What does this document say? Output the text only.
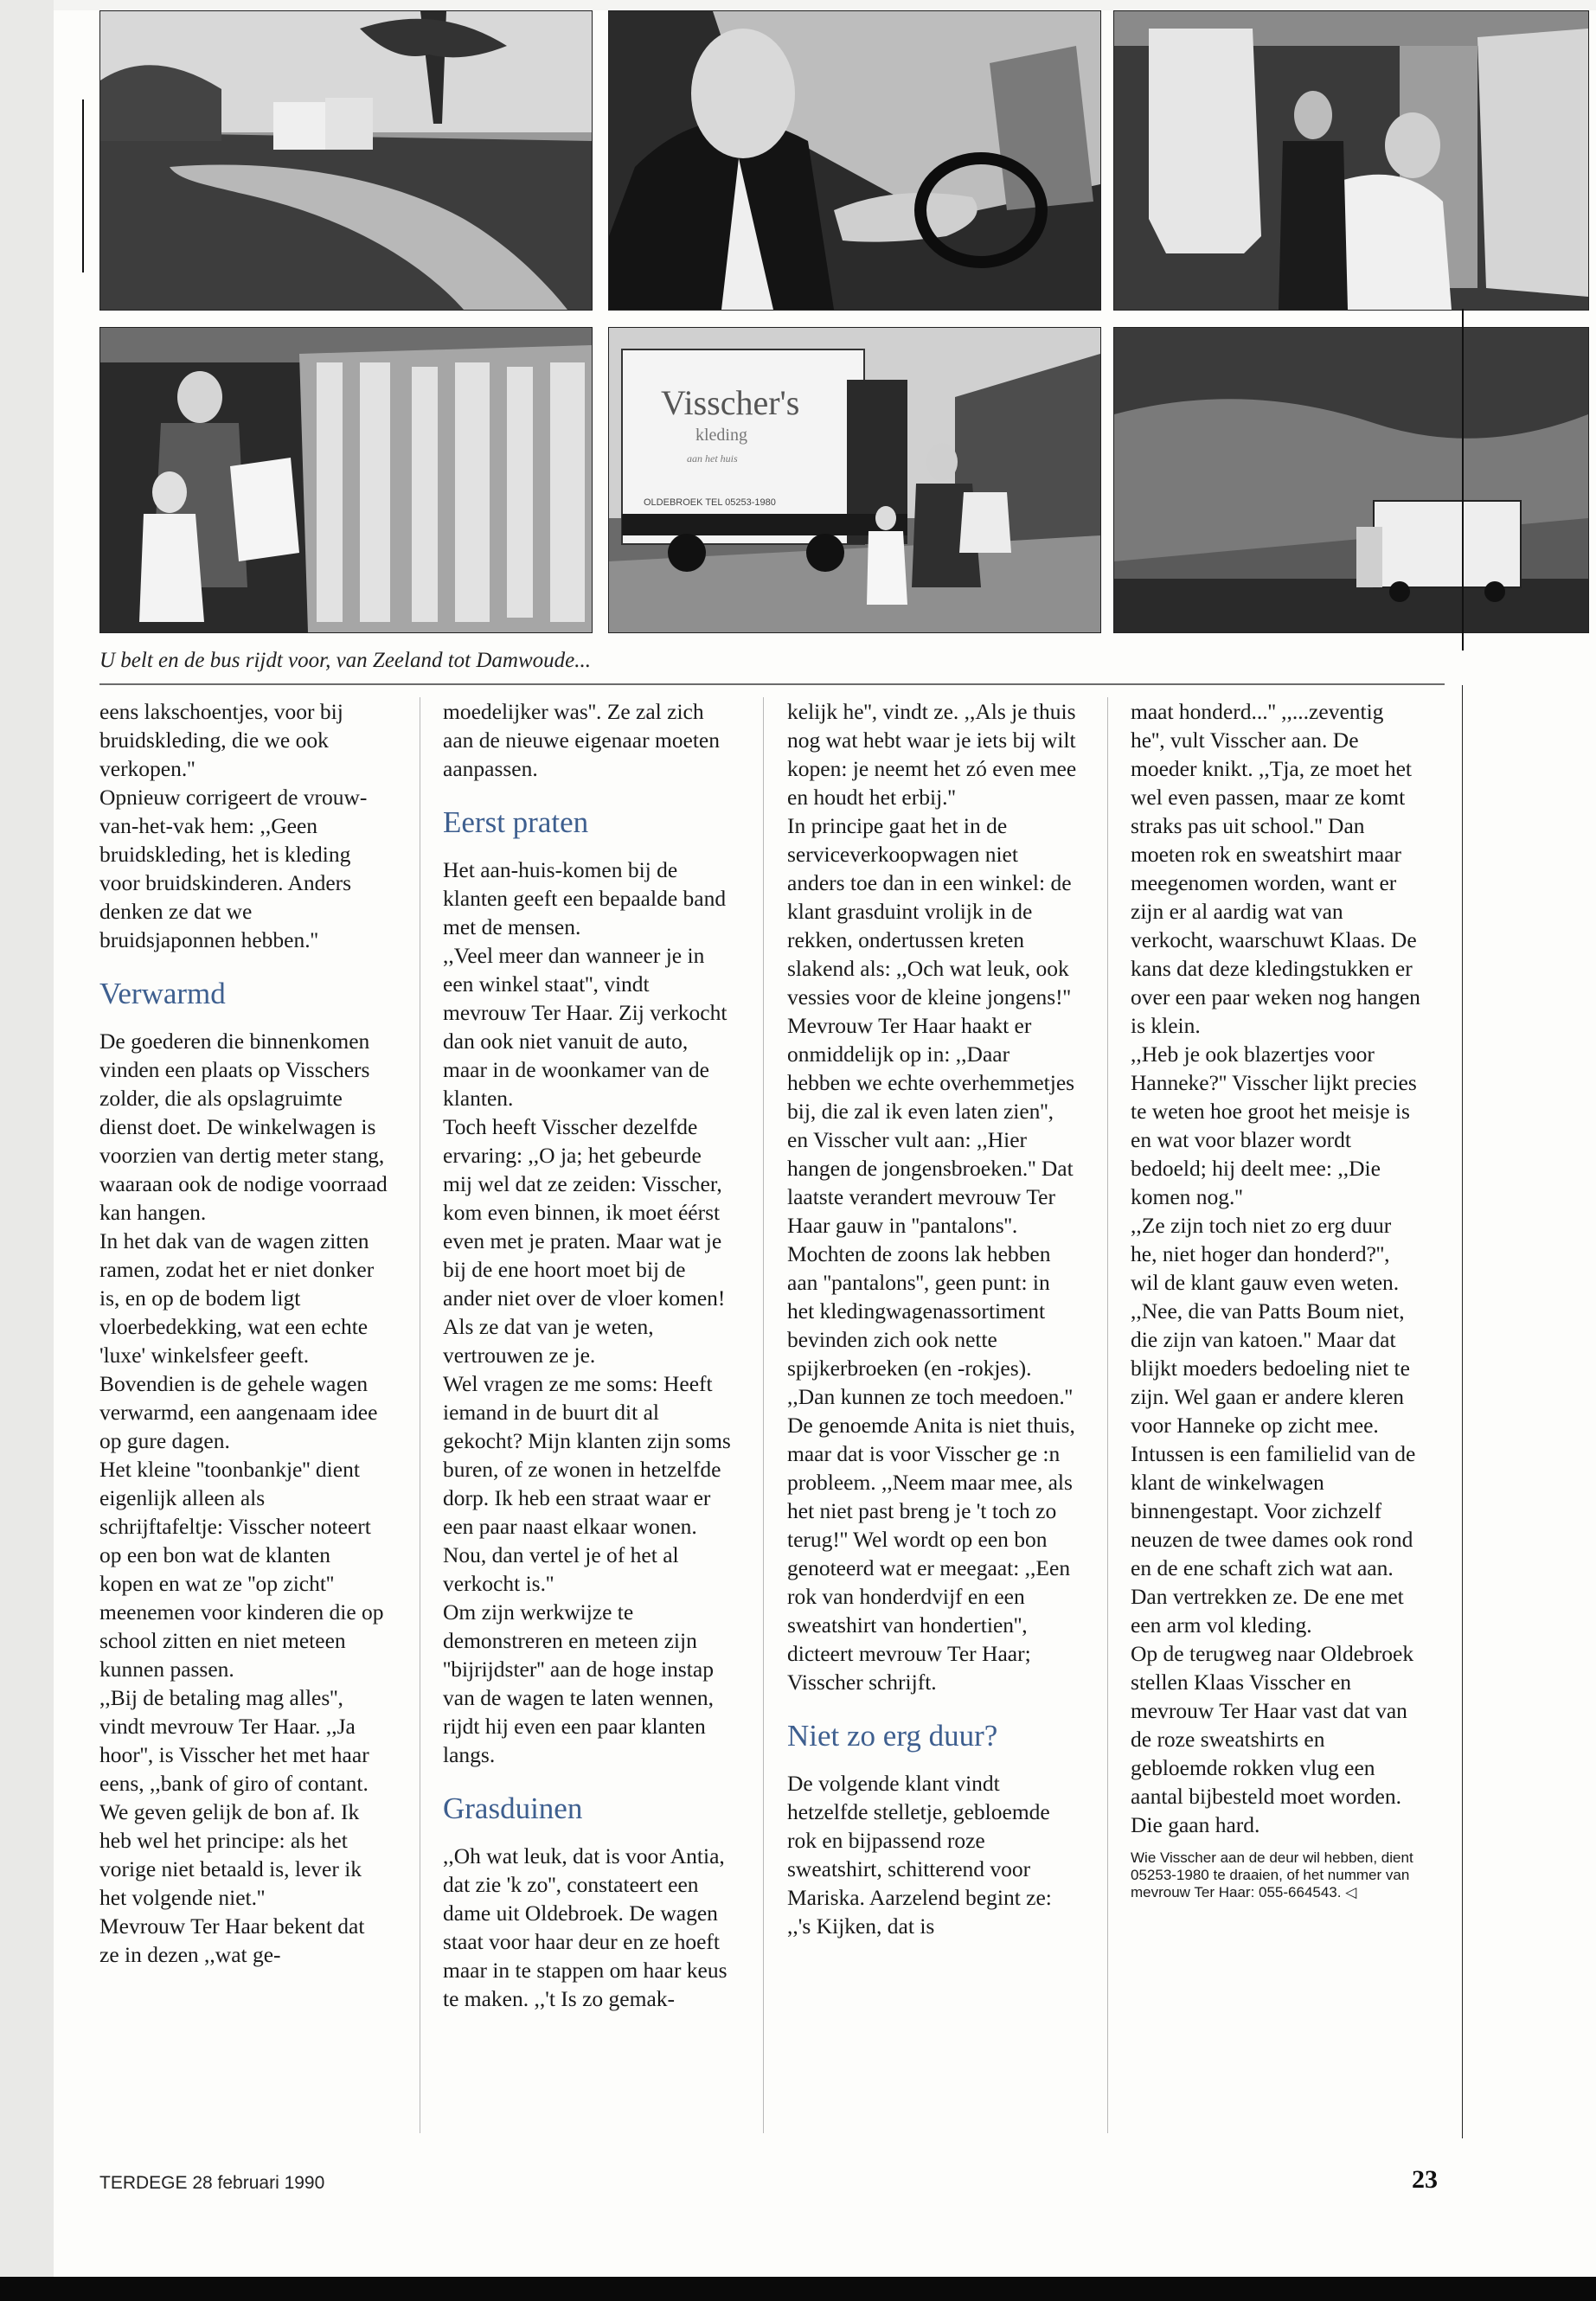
Visscher's
kleding
aan het huis
OLDEBROEK TEL 05253-1980
U belt en de bus rijdt voor, van Zeeland tot Damwoude...

eens lakschoentjes, voor bij bruidskleding, die we ook verkopen.''

Opnieuw corrigeert de vrouw-van-het-vak hem: ,,Geen bruidskleding, het is kleding voor bruidskinderen. Anders denken ze dat we bruidsjaponnen hebben.''

Verwarmd

De goederen die binnenkomen vinden een plaats op Visschers zolder, die als opslagruimte dienst doet. De winkelwagen is voorzien van dertig meter stang, waaraan ook de nodige voorraad kan hangen.

In het dak van de wagen zitten ramen, zodat het er niet donker is, en op de bodem ligt vloerbedekking, wat een echte 'luxe' winkelsfeer geeft. Bovendien is de gehele wagen verwarmd, een aangenaam idee op gure dagen.

Het kleine ''toonbankje'' dient eigenlijk alleen als schrijftafeltje: Visscher noteert op een bon wat de klanten kopen en wat ze ''op zicht'' meenemen voor kinderen die op school zitten en niet meteen kunnen passen.

,,Bij de betaling mag alles'', vindt mevrouw Ter Haar. ,,Ja hoor'', is Visscher het met haar eens, ,,bank of giro of contant. We geven gelijk de bon af. Ik heb wel het principe: als het vorige niet betaald is, lever ik het volgende niet.''

Mevrouw Ter Haar bekent dat ze in dezen ,,wat ge-

moedelijker was''. Ze zal zich aan de nieuwe eigenaar moeten aanpassen.

Eerst praten

Het aan-huis-komen bij de klanten geeft een bepaalde band met de mensen.

,,Veel meer dan wanneer je in een winkel staat'', vindt mevrouw Ter Haar. Zij verkocht dan ook niet vanuit de auto, maar in de woonkamer van de klanten.

Toch heeft Visscher dezelfde ervaring: ,,O ja; het gebeurde mij wel dat ze zeiden: Visscher, kom even binnen, ik moet éérst even met je praten. Maar wat je bij de ene hoort moet bij de ander niet over de vloer komen! Als ze dat van je weten, vertrouwen ze je.

Wel vragen ze me soms: Heeft iemand in de buurt dit al gekocht? Mijn klanten zijn soms buren, of ze wonen in hetzelfde dorp. Ik heb een straat waar er een paar naast elkaar wonen. Nou, dan vertel je of het al verkocht is.''

Om zijn werkwijze te demonstreren en meteen zijn ''bijrijdster'' aan de hoge instap van de wagen te laten wennen, rijdt hij even een paar klanten langs.

Grasduinen

,,Oh wat leuk, dat is voor Antia, dat zie 'k zo'', constateert een dame uit Oldebroek. De wagen staat voor haar deur en ze hoeft maar in te stappen om haar keus te maken. ,,'t Is zo gemak-

kelijk he'', vindt ze. ,,Als je thuis nog wat hebt waar je iets bij wilt kopen: je neemt het zó even mee en houdt het erbij.''

In principe gaat het in de serviceverkoopwagen niet anders toe dan in een winkel: de klant grasduint vrolijk in de rekken, ondertussen kreten slakend als: ,,Och wat leuk, ook vessies voor de kleine jongens!''

Mevrouw Ter Haar haakt er onmiddelijk op in: ,,Daar hebben we echte overhemmetjes bij, die zal ik even laten zien'', en Visscher vult aan: ,,Hier hangen de jongensbroeken.'' Dat laatste verandert mevrouw Ter Haar gauw in ''pantalons''. Mochten de zoons lak hebben aan ''pantalons'', geen punt: in het kledingwagenassortiment bevinden zich ook nette spijkerbroeken (en -rokjes). ,,Dan kunnen ze toch meedoen.''

De genoemde Anita is niet thuis, maar dat is voor Visscher ge :n probleem. ,,Neem maar mee, als het niet past breng je 't toch zo terug!'' Wel wordt op een bon genoteerd wat er meegaat: ,,Een rok van honderdvijf en een sweatshirt van hondertien'', dicteert mevrouw Ter Haar; Visscher schrijft.

Niet zo erg duur?

De volgende klant vindt hetzelfde stelletje, gebloemde rok en bijpassend roze sweatshirt, schitterend voor Mariska. Aarzelend begint ze: ,,'s Kijken, dat is

maat honderd...'' ,,...zeventig he'', vult Visscher aan. De moeder knikt. ,,Tja, ze moet het wel even passen, maar ze komt straks pas uit school.'' Dan moeten rok en sweatshirt maar meegenomen worden, want er zijn er al aardig wat van verkocht, waarschuwt Klaas. De kans dat deze kledingstukken er over een paar weken nog hangen is klein.

,,Heb je ook blazertjes voor Hanneke?'' Visscher lijkt precies te weten hoe groot het meisje is en wat voor blazer wordt bedoeld; hij deelt mee: ,,Die komen nog.''

,,Ze zijn toch niet zo erg duur he, niet hoger dan honderd?'', wil de klant gauw even weten.

,,Nee, die van Patts Boum niet, die zijn van katoen.'' Maar dat blijkt moeders bedoeling niet te zijn. Wel gaan er andere kleren voor Hanneke op zicht mee.

Intussen is een familielid van de klant de winkelwagen binnengestapt. Voor zichzelf neuzen de twee dames ook rond en de ene schaft zich wat aan. Dan vertrekken ze. De ene met een arm vol kleding.

Op de terugweg naar Oldebroek stellen Klaas Visscher en mevrouw Ter Haar vast dat van de roze sweatshirts en gebloemde rokken vlug een aantal bijbesteld moet worden. Die gaan hard.

Wie Visscher aan de deur wil hebben, dient 05253-1980 te draaien, of het nummer van mevrouw Ter Haar: 055-664543. ◁

TERDEGE 28 februari 1990	23
